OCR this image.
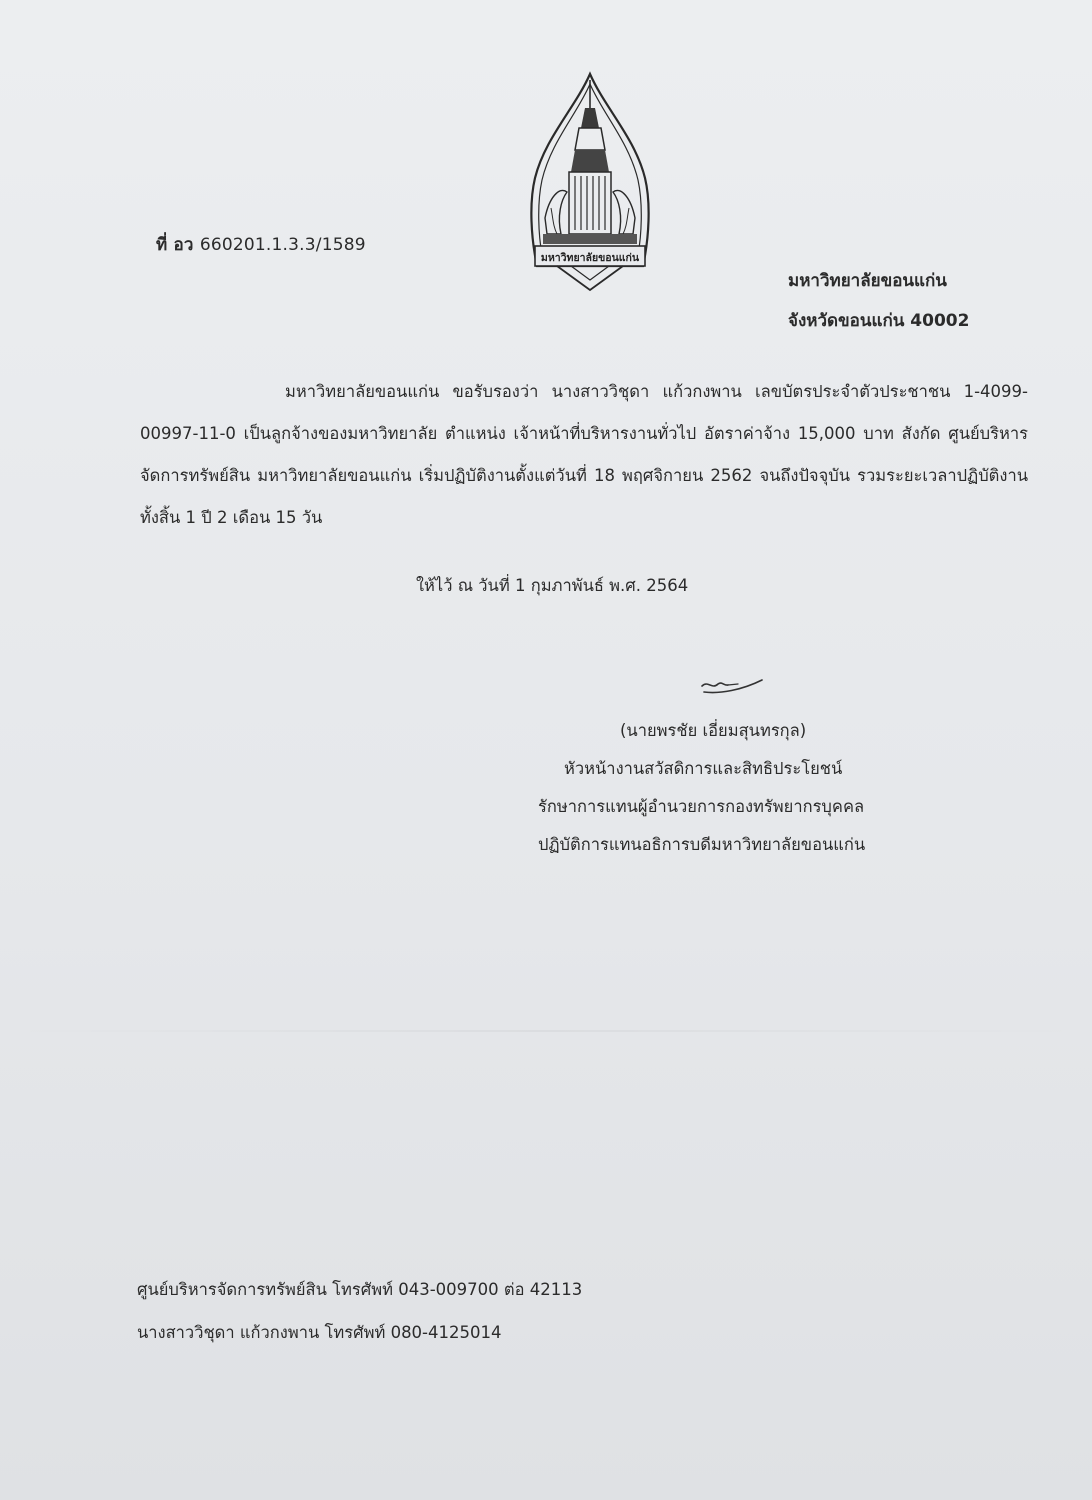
มหาวิทยาลัยขอนแก่น
ที่ อว 660201.1.3.3/1589
มหาวิทยาลัยขอนแก่น
จังหวัดขอนแก่น 40002
มหาวิทยาลัยขอนแก่น ขอรับรองว่า นางสาววิชุดา แก้วกงพาน เลขบัตรประจำตัวประชาชน 1-4099-00997-11-0 เป็นลูกจ้างของมหาวิทยาลัย ตำแหน่ง เจ้าหน้าที่บริหารงานทั่วไป อัตราค่าจ้าง 15,000 บาท สังกัด ศูนย์บริหารจัดการทรัพย์สิน มหาวิทยาลัยขอนแก่น เริ่มปฏิบัติงานตั้งแต่วันที่ 18 พฤศจิกายน 2562 จนถึงปัจจุบัน รวมระยะเวลาปฏิบัติงานทั้งสิ้น 1 ปี 2 เดือน 15 วัน
ให้ไว้ ณ วันที่ 1 กุมภาพันธ์ พ.ศ. 2564
(นายพรชัย เอี่ยมสุนทรกุล)
หัวหน้างานสวัสดิการและสิทธิประโยชน์
รักษาการแทนผู้อำนวยการกองทรัพยากรบุคคล
ปฏิบัติการแทนอธิการบดีมหาวิทยาลัยขอนแก่น
ศูนย์บริหารจัดการทรัพย์สิน โทรศัพท์ 043-009700 ต่อ 42113
นางสาววิชุดา แก้วกงพาน โทรศัพท์ 080-4125014
